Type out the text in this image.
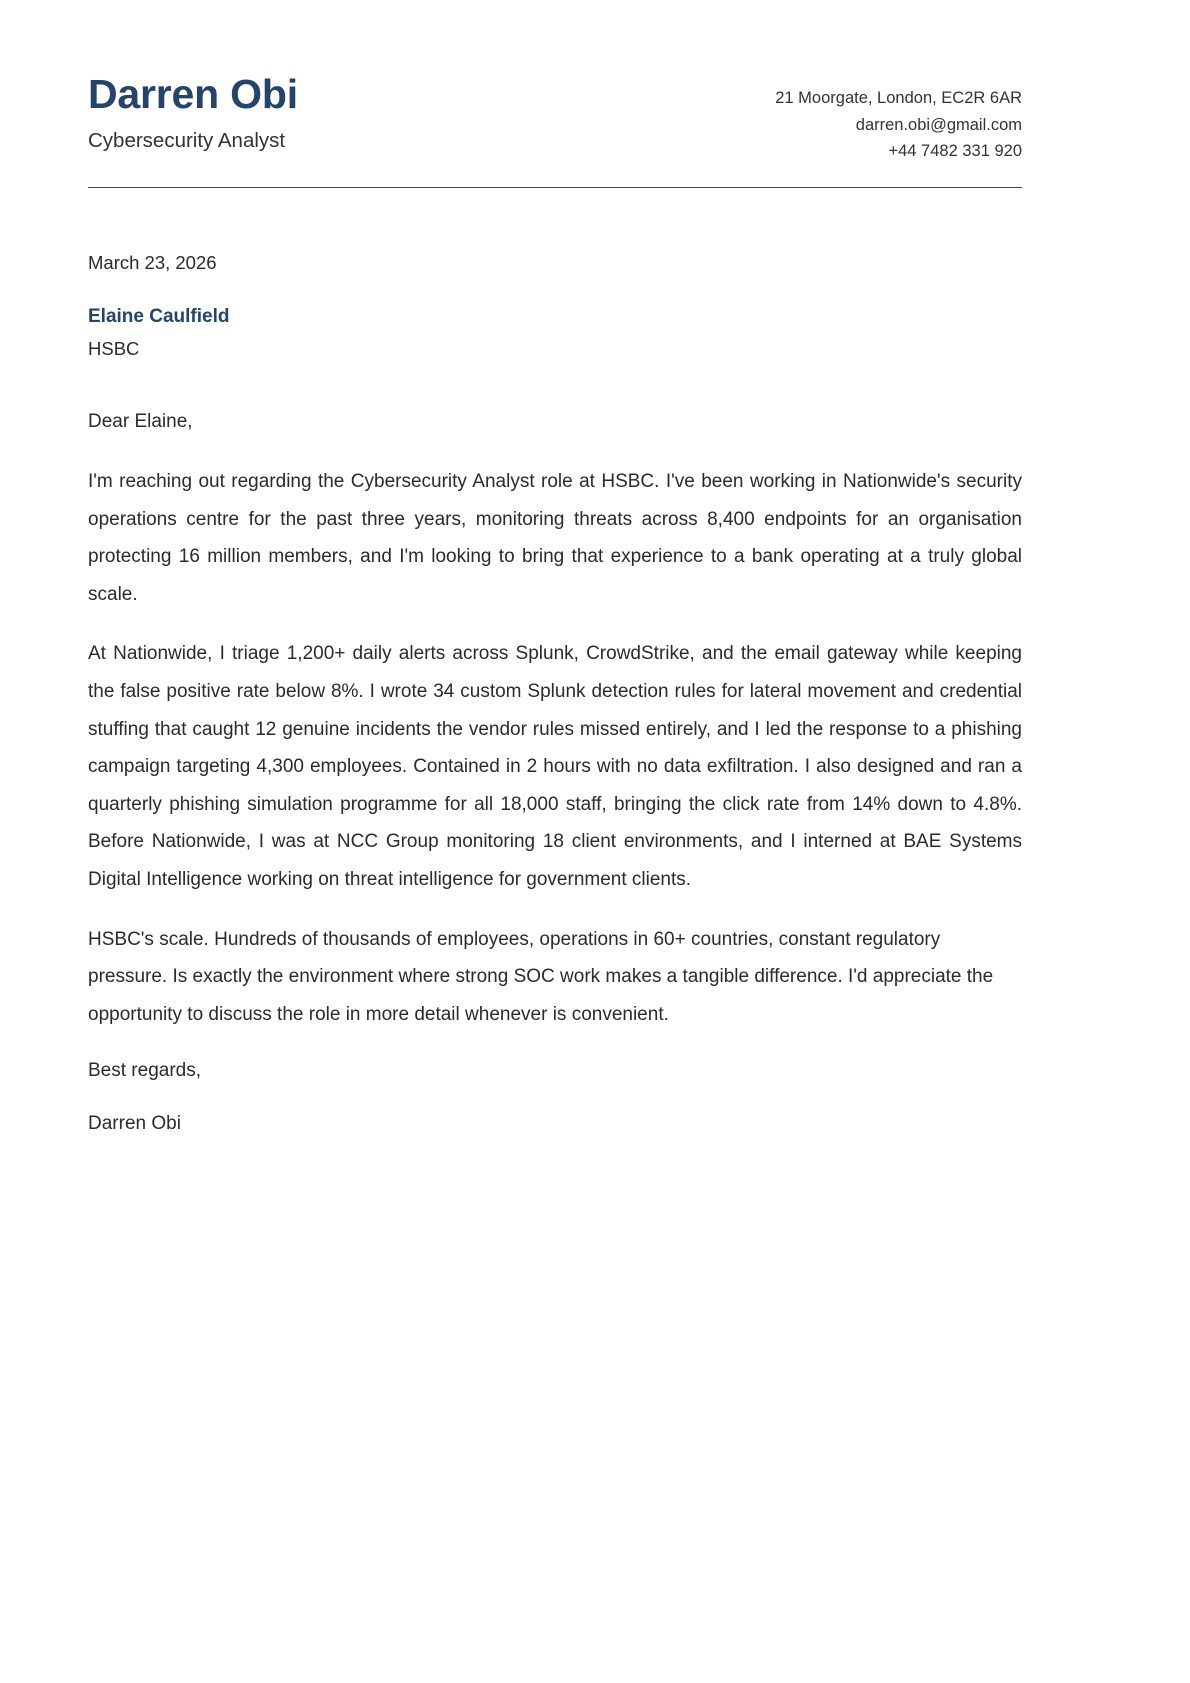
Darren Obi
Cybersecurity Analyst
21 Moorgate, London, EC2R 6AR
darren.obi@gmail.com
+44 7482 331 920
March 23, 2026
Elaine Caulfield
HSBC

Dear Elaine,

I'm reaching out regarding the Cybersecurity Analyst role at HSBC. I've been working in Nationwide's security operations centre for the past three years, monitoring threats across 8,400 endpoints for an organisation protecting 16 million members, and I'm looking to bring that experience to a bank operating at a truly global scale.

At Nationwide, I triage 1,200+ daily alerts across Splunk, CrowdStrike, and the email gateway while keeping the false positive rate below 8%. I wrote 34 custom Splunk detection rules for lateral movement and credential stuffing that caught 12 genuine incidents the vendor rules missed entirely, and I led the response to a phishing campaign targeting 4,300 employees. Contained in 2 hours with no data exfiltration. I also designed and ran a quarterly phishing simulation programme for all 18,000 staff, bringing the click rate from 14% down to 4.8%. Before Nationwide, I was at NCC Group monitoring 18 client environments, and I interned at BAE Systems Digital Intelligence working on threat intelligence for government clients.

HSBC's scale. Hundreds of thousands of employees, operations in 60+ countries, constant regulatory pressure. Is exactly the environment where strong SOC work makes a tangible difference. I'd appreciate the opportunity to discuss the role in more detail whenever is convenient.

Best regards,

Darren Obi
